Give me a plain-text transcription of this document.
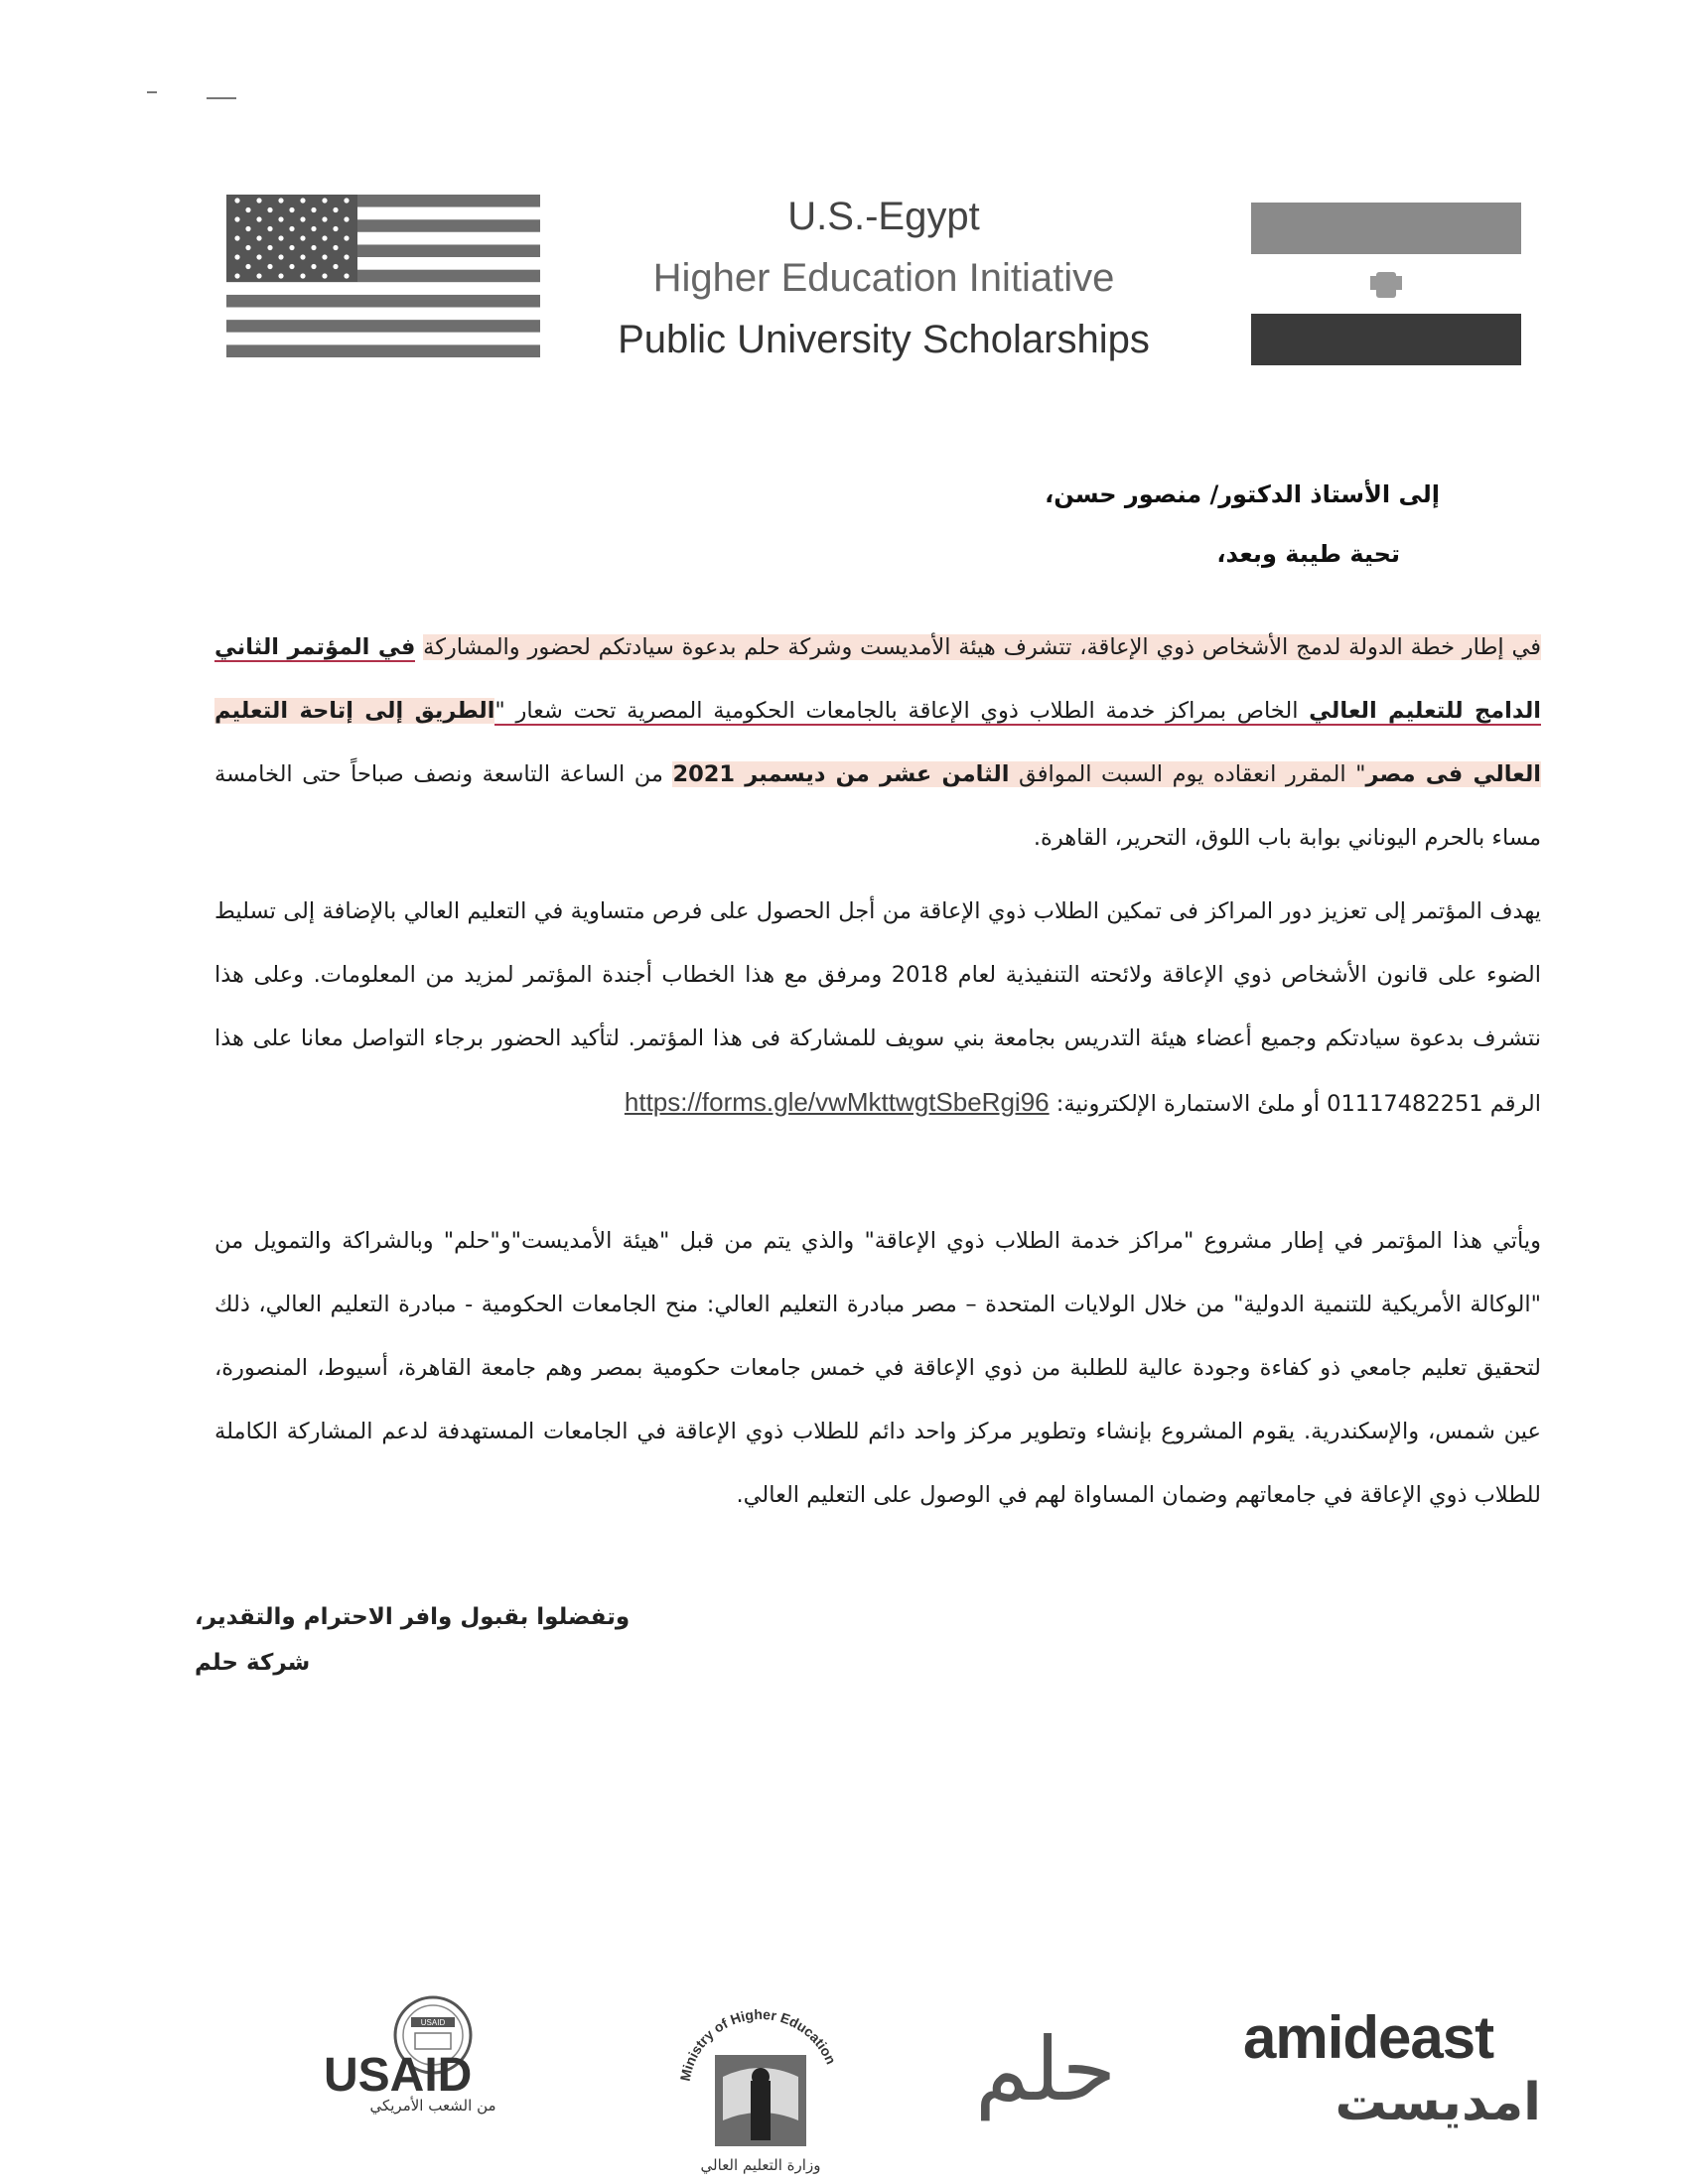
U.S.-Egypt
Higher Education Initiative
Public University Scholarships
إلى الأستاذ الدكتور/ منصور حسن،
تحية طيبة وبعد،
في إطار خطة الدولة لدمج الأشخاص ذوي الإعاقة، تتشرف هيئة الأمديست وشركة حلم بدعوة سيادتكم لحضور والمشاركة في المؤتمر الثاني الدامج للتعليم العالي الخاص بمراكز خدمة الطلاب ذوي الإعاقة بالجامعات الحكومية المصرية تحت شعار "الطريق إلى إتاحة التعليم العالي فى مصر" المقرر انعقاده يوم السبت الموافق الثامن عشر من ديسمبر 2021 من الساعة التاسعة ونصف صباحاً حتى الخامسة مساء بالحرم اليوناني بوابة باب اللوق، التحرير، القاهرة.
يهدف المؤتمر إلى تعزيز دور المراكز فى تمكين الطلاب ذوي الإعاقة من أجل الحصول على فرص متساوية في التعليم العالي بالإضافة إلى تسليط الضوء على قانون الأشخاص ذوي الإعاقة ولائحته التنفيذية لعام 2018 ومرفق مع هذا الخطاب أجندة المؤتمر لمزيد من المعلومات. وعلى هذا نتشرف بدعوة سيادتكم وجميع أعضاء هيئة التدريس بجامعة بني سويف للمشاركة فى هذا المؤتمر. لتأكيد الحضور برجاء التواصل معانا على هذا الرقم 01117482251 أو ملئ الاستمارة الإلكترونية: https://forms.gle/vwMkttwgtSbeRgi96
ويأتي هذا المؤتمر في إطار مشروع "مراكز خدمة الطلاب ذوي الإعاقة" والذي يتم من قبل "هيئة الأمديست"و"حلم" وبالشراكة والتمويل من "الوكالة الأمريكية للتنمية الدولية" من خلال الولايات المتحدة – مصر مبادرة التعليم العالي: منح الجامعات الحكومية - مبادرة التعليم العالي، ذلك لتحقيق تعليم جامعي ذو كفاءة وجودة عالية للطلبة من ذوي الإعاقة في خمس جامعات حكومية بمصر وهم جامعة القاهرة، أسيوط، المنصورة، عين شمس، والإسكندرية. يقوم المشروع بإنشاء وتطوير مركز واحد دائم للطلاب ذوي الإعاقة في الجامعات المستهدفة لدعم المشاركة الكاملة للطلاب ذوي الإعاقة في جامعاتهم وضمان المساواة لهم في الوصول على التعليم العالي.
وتفضلوا بقبول وافر الاحترام والتقدير،
شركة حلم
USAID
USAID
من الشعب الأمريكي
Ministry of Higher Education
وزارة التعليم العالي
حلم	amideast
امديست
